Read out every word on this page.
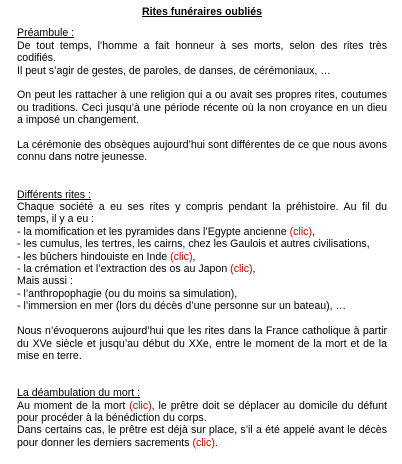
Rites funéraires oubliés

Préambule :

De tout temps, l’homme a fait honneur à ses morts, selon des rites très codifiés.

Il peut s’agir de gestes, de paroles, de danses, de cérémoniaux, …

On peut les rattacher à une religion qui a ou avait ses propres rites, coutumes ou traditions. Ceci jusqu’à une période récente où la non croyance en un dieu a imposé un changement.

La cérémonie des obsèques aujourd’hui sont différentes de ce que nous avons connu dans notre jeunesse.

Différents rites :

Chaque société a eu ses rites y compris pendant la préhistoire. Au fil du temps, il y a eu :

- la momification et les pyramides dans l’Egypte ancienne (clic),

- les cumulus, les tertres, les cairns, chez les Gaulois et autres civilisations,

- les bûchers hindouiste en Inde (clic),

- la crémation et l’extraction des os au Japon (clic),

Mais aussi :

- l’anthropophagie (ou du moins sa simulation),

- l’immersion en mer (lors du décès d’une personne sur un bateau), …

Nous n’évoquerons aujourd’hui que les rites dans la France catholique à partir du XVe siècle et jusqu’au début du XXe, entre le moment de la mort et de la mise en terre.

La déambulation du mort :

Au moment de la mort (clic), le prêtre doit se déplacer au domicile du défunt pour procéder à la bénédiction du corps.

Dans certains cas, le prêtre est déjà sur place, s’il a été appelé avant le décès pour donner les derniers sacrements (clic).
